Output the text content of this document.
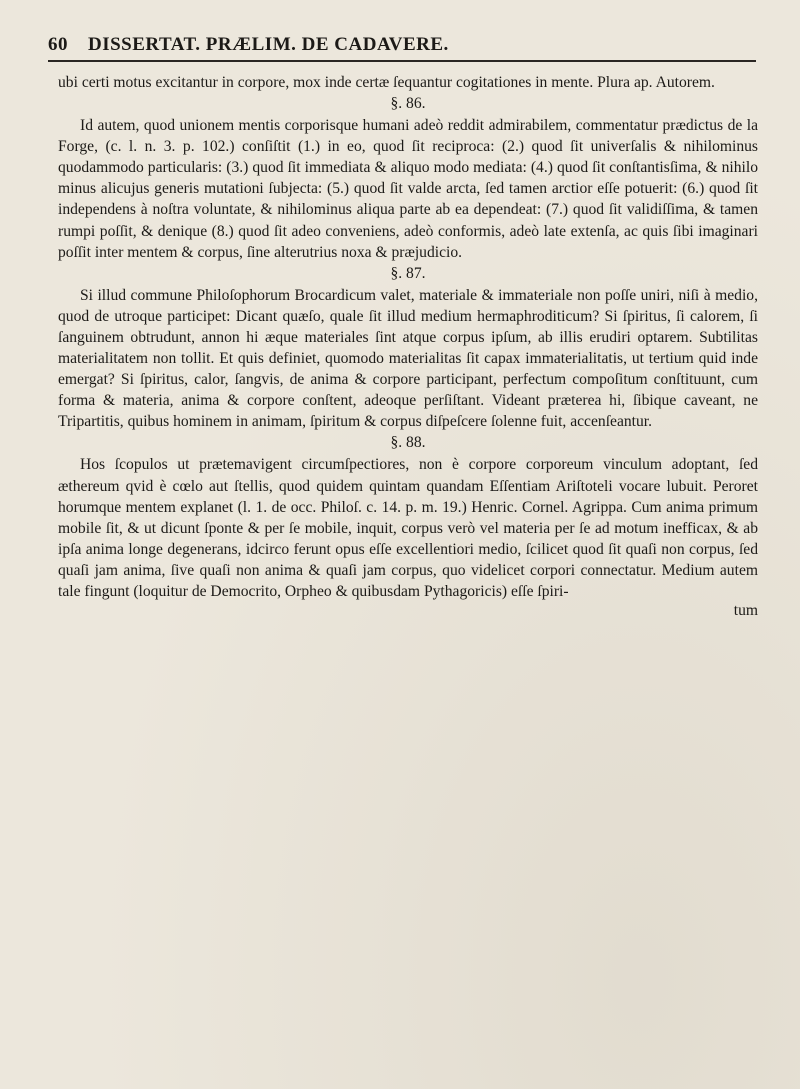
60 DISSERTAT. PRÆLIM. DE CADAVERE.

ubi certi motus excitantur in corpore, mox inde certæ ſequantur cogitationes in mente. Plura ap. Autorem.

§. 86.

Id autem, quod unionem mentis corporisque humani adeò reddit admirabilem, commentatur prædictus de la Forge, (c. l. n. 3. p. 102.) conſiſtit (1.) in eo, quod ſit reciproca: (2.) quod ſit univerſalis & nihilominus quodammodo particularis: (3.) quod ſit immediata & aliquo modo mediata: (4.) quod ſit conſtantisſima, & nihilo minus alicujus generis mutationi ſubjecta: (5.) quod ſit valde arcta, ſed tamen arctior eſſe potuerit: (6.) quod ſit independens à noſtra voluntate, & nihilominus aliqua parte ab ea dependeat: (7.) quod ſit validiſſima, & tamen rumpi poſſit, & denique (8.) quod ſit adeo conveniens, adeò conformis, adeò late extenſa, ac quis ſibi imaginari poſſit inter mentem & corpus, ſine alterutrius noxa & præjudicio.

§. 87.

Si illud commune Philoſophorum Brocardicum valet, materiale & immateriale non poſſe uniri, niſi à medio, quod de utroque participet: Dicant quæſo, quale ſit illud medium hermaphroditicum? Si ſpiritus, ſi calorem, ſi ſanguinem obtrudunt, annon hi æque materiales ſint atque corpus ipſum, ab illis erudiri optarem. Subtilitas materialitatem non tollit. Et quis definiet, quomodo materialitas ſit capax immaterialitatis, ut tertium quid inde emergat? Si ſpiritus, calor, ſangvis, de anima & corpore participant, perfectum compoſitum conſtituunt, cum forma & materia, anima & corpore conſtent, adeoque perſiſtant. Videant præterea hi, ſibique caveant, ne Tripartitis, quibus hominem in animam, ſpiritum & corpus diſpeſcere ſolenne fuit, accenſeantur.

§. 88.

Hos ſcopulos ut prætemavigent circumſpectiores, non è corpore corporeum vinculum adoptant, ſed æthereum qvid è cœlo aut ſtellis, quod quidem quintam quandam Eſſentiam Ariſtoteli vocare lubuit. Peroret horumque mentem explanet (l. 1. de occ. Philoſ. c. 14. p. m. 19.) Henric. Cornel. Agrippa. Cum anima primum mobile ſit, & ut dicunt ſponte & per ſe mobile, inquit, corpus verò vel materia per ſe ad motum inefficax, & ab ipſa anima longe degenerans, idcirco ferunt opus eſſe excellentiori medio, ſcilicet quod ſit quaſi non corpus, ſed quaſi jam anima, ſive quaſi non anima & quaſi jam corpus, quo videlicet corpori connectatur. Medium autem tale fingunt (loquitur de Democrito, Orpheo & quibusdam Pythagoricis) eſſe ſpiri-

tum
